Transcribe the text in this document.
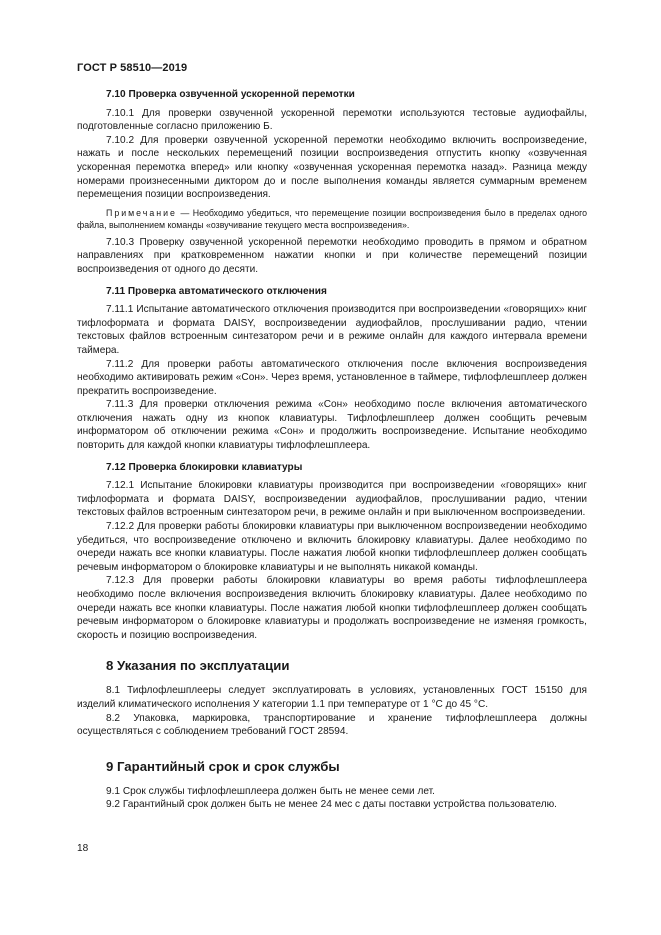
ГОСТ Р 58510—2019
7.10 Проверка озвученной ускоренной перемотки

7.10.1 Для проверки озвученной ускоренной перемотки используются тестовые аудиофайлы, подготовленные согласно приложению Б.

7.10.2 Для проверки озвученной ускоренной перемотки необходимо включить воспроизведение, нажать и после нескольких перемещений позиции воспроизведения отпустить кнопку «озвученная ускоренная перемотка вперед» или кнопку «озвученная ускоренная перемотка назад». Разница между номерами произнесенными диктором до и после выполнения команды является суммарным временем перемещения позиции воспроизведения.

Примечание — Необходимо убедиться, что перемещение позиции воспроизведения было в пределах одного файла, выполнением команды «озвучивание текущего места воспроизведения».

7.10.3 Проверку озвученной ускоренной перемотки необходимо проводить в прямом и обратном направлениях при кратковременном нажатии кнопки и при количестве перемещений позиции воспроизведения от одного до десяти.

7.11 Проверка автоматического отключения

7.11.1 Испытание автоматического отключения производится при воспроизведении «говорящих» книг тифлоформата и формата DAISY, воспроизведении аудиофайлов, прослушивании радио, чтении текстовых файлов встроенным синтезатором речи и в режиме онлайн для каждого интервала времени таймера.

7.11.2 Для проверки работы автоматического отключения после включения воспроизведения необходимо активировать режим «Сон». Через время, установленное в таймере, тифлофлешплеер должен прекратить воспроизведение.

7.11.3 Для проверки отключения режима «Сон» необходимо после включения автоматического отключения нажать одну из кнопок клавиатуры. Тифлофлешплеер должен сообщить речевым информатором об отключении режима «Сон» и продолжить воспроизведение. Испытание необходимо повторить для каждой кнопки клавиатуры тифлофлешплеера.

7.12 Проверка блокировки клавиатуры

7.12.1 Испытание блокировки клавиатуры производится при воспроизведении «говорящих» книг тифлоформата и формата DAISY, воспроизведении аудиофайлов, прослушивании радио, чтении текстовых файлов встроенным синтезатором речи, в режиме онлайн и при выключенном воспроизведении.

7.12.2 Для проверки работы блокировки клавиатуры при выключенном воспроизведении необходимо убедиться, что воспроизведение отключено и включить блокировку клавиатуры. Далее необходимо по очереди нажать все кнопки клавиатуры. После нажатия любой кнопки тифлофлешплеер должен сообщать речевым информатором о блокировке клавиатуры и не выполнять никакой команды.

7.12.3 Для проверки работы блокировки клавиатуры во время работы тифлофлешплеера необходимо после включения воспроизведения включить блокировку клавиатуры. Далее необходимо по очереди нажать все кнопки клавиатуры. После нажатия любой кнопки тифлофлешплеер должен сообщать речевым информатором о блокировке клавиатуры и продолжать воспроизведение не изменяя громкость, скорость и позицию воспроизведения.

8 Указания по эксплуатации

8.1 Тифлофлешплееры следует эксплуатировать в условиях, установленных ГОСТ 15150 для изделий климатического исполнения У категории 1.1 при температуре от 1 °С до 45 °С.

8.2 Упаковка, маркировка, транспортирование и хранение тифлофлешплеера должны осуществляться с соблюдением требований ГОСТ 28594.

9 Гарантийный срок и срок службы

9.1 Срок службы тифлофлешплеера должен быть не менее семи лет.

9.2 Гарантийный срок должен быть не менее 24 мес с даты поставки устройства пользователю.

18
